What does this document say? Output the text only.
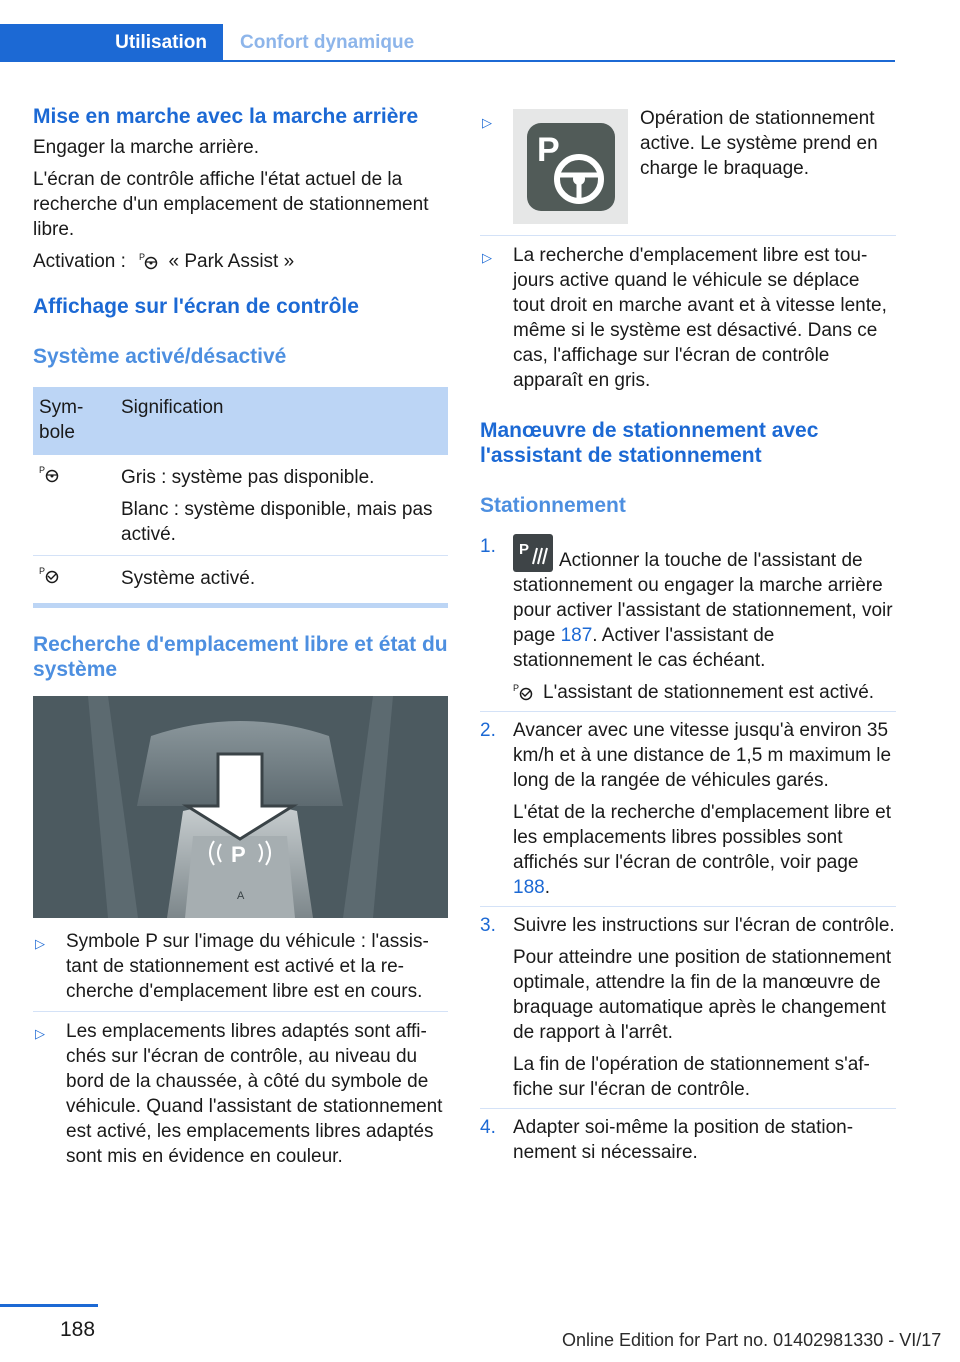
Utilisation	Confort dynamique
Mise en marche avec la marche arrière

Engager la marche arrière.

L'écran de contrôle affiche l'état actuel de la recherche d'un emplacement de stationnement libre.

Activation : P « Park Assist »

Affichage sur l'écran de contrôle
Système activé/désactivé
Symbole	Signification

P	Gris : système pas disponible.

Blanc : système disponible, mais pas activé.

P	Système activé.
Recherche d'emplacement libre et état du système
P
A
▷ Symbole P sur l'image du véhicule : l'assistant de stationnement est activé et la recherche d'emplacement libre est en cours.
▷ Les emplacements libres adaptés sont affichés sur l'écran de contrôle, au niveau du bord de la chaussée, à côté du symbole de véhicule. Quand l'assistant de stationnement est activé, les emplacements libres adaptés sont mis en évidence en couleur.
▷
P
Opération de stationnement active. Le système prend en charge le braquage.
▷ La recherche d'emplacement libre est toujours active quand le véhicule se déplace tout droit en marche avant et à vitesse lente, même si le système est désactivé. Dans ce cas, l'affichage sur l'écran de contrôle apparaît en gris.
Manœuvre de stationnement avec l'assistant de stationnement
Stationnement
1. P
Actionner la touche de l'assistant de stationnement ou engager la marche arrière pour activer l'assistant de stationnement, voir page 187. Activer l'assistant de stationnement le cas échéant.

P L'assistant de stationnement est activé.

2. Avancer avec une vitesse jusqu'à environ 35 km/h et à une distance de 1,5 m maximum le long de la rangée de véhicules garés.

L'état de la recherche d'emplacement libre et les emplacements libres possibles sont affichés sur l'écran de contrôle, voir page 188.

3. Suivre les instructions sur l'écran de contrôle.

Pour atteindre une position de stationnement optimale, attendre la fin de la manœuvre de braquage automatique après le changement de rapport à l'arrêt.

La fin de l'opération de stationnement s'affiche sur l'écran de contrôle.

4. Adapter soi-même la position de stationnement si nécessaire.

188	Online Edition for Part no. 01402981330 - VI/17
